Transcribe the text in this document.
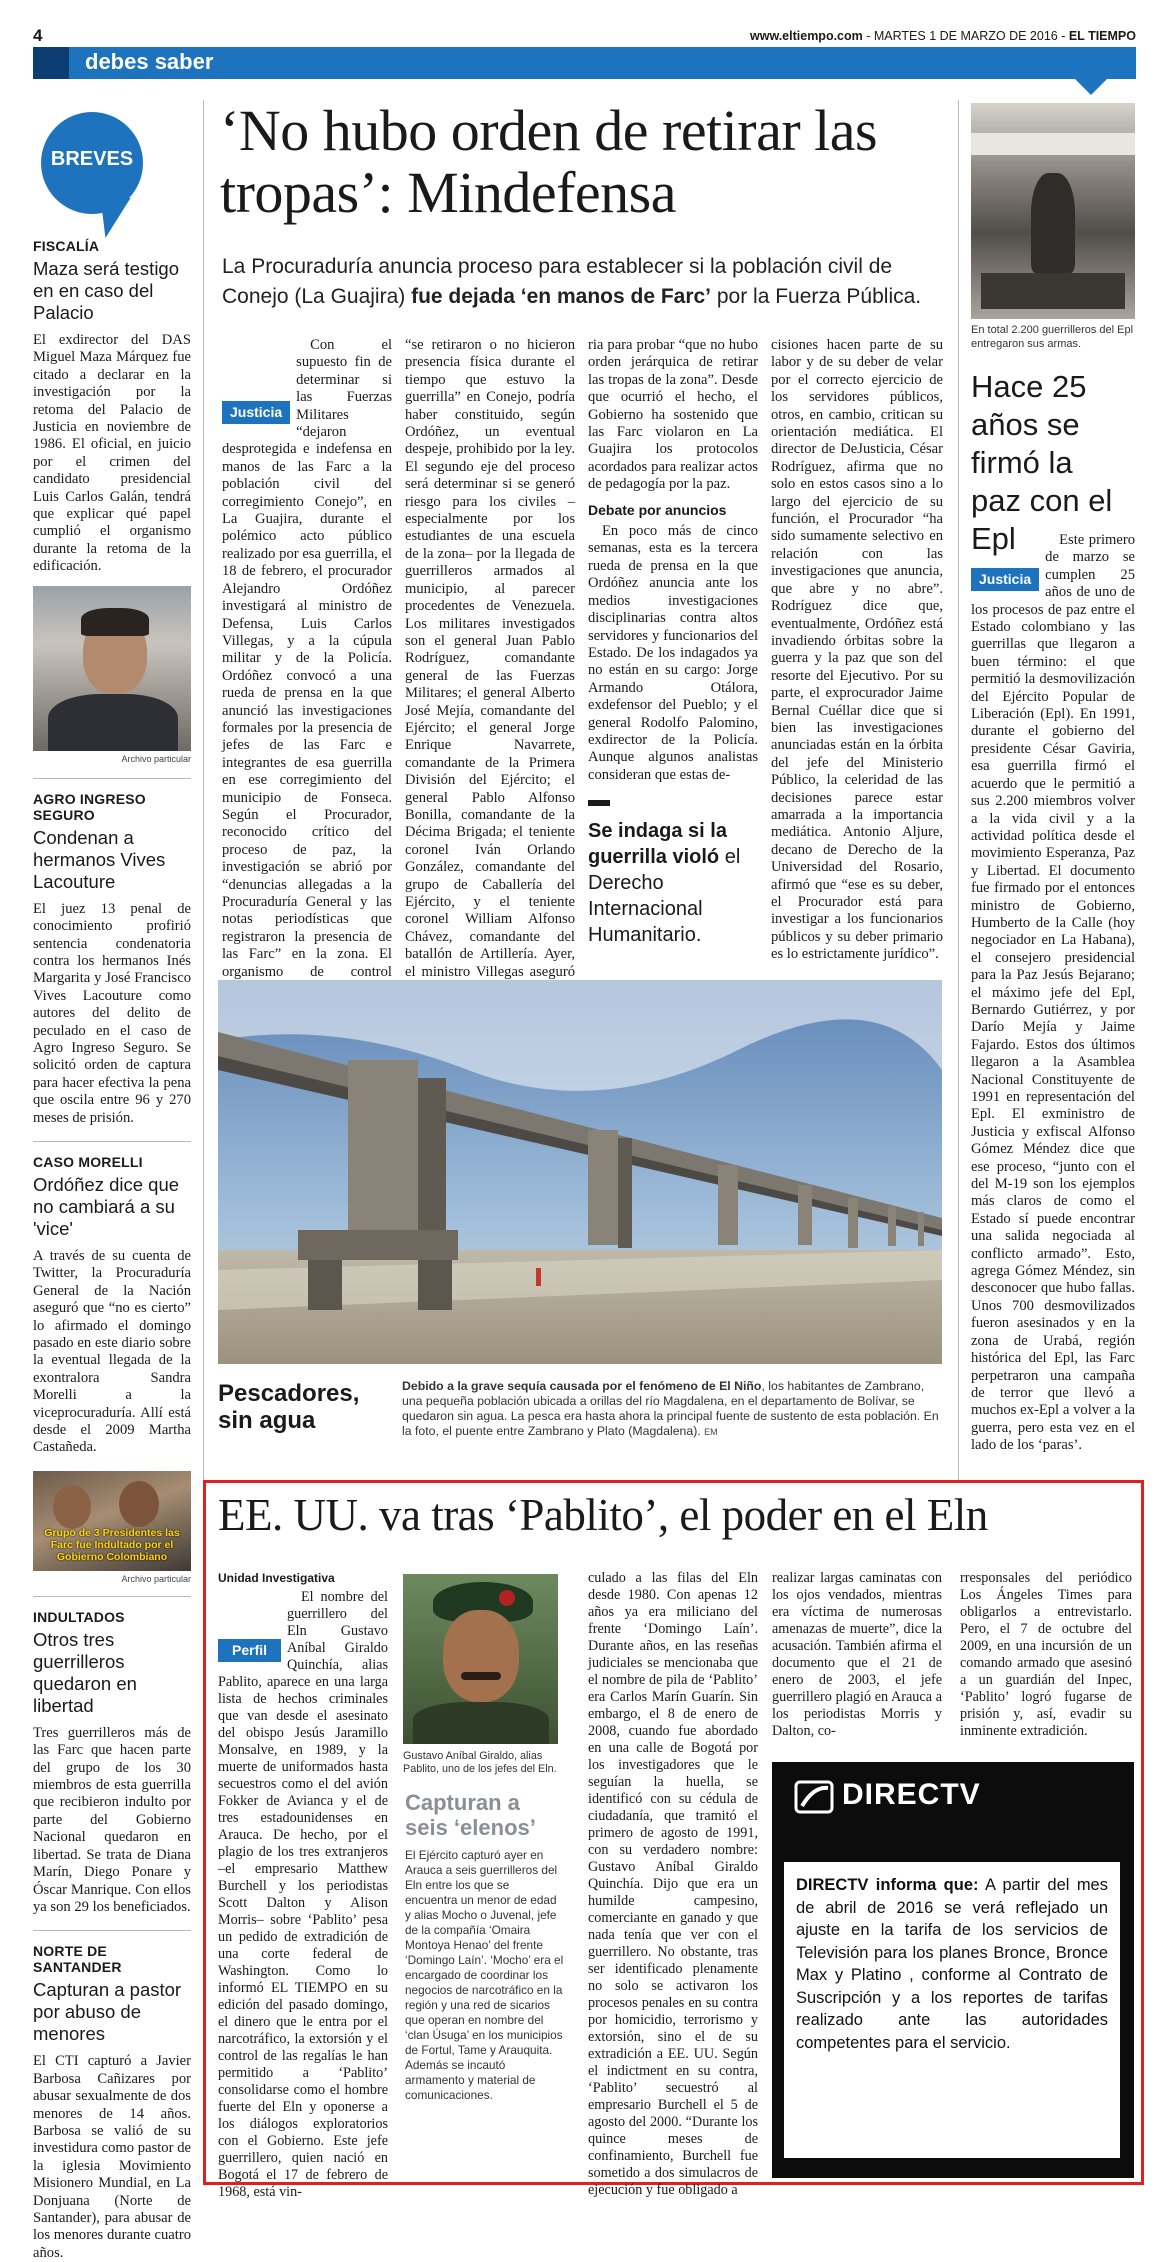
4	www.eltiempo.com - MARTES 1 DE MARZO DE 2016 - EL TIEMPO
debes saber
BREVES
FISCALÍA
Maza será testigo en en caso del Palacio

El exdirector del DAS Miguel Maza Márquez fue citado a declarar en la investigación por la retoma del Palacio de Justicia en noviembre de 1986. El oficial, en juicio por el crimen del candidato presidencial Luis Carlos Galán, tendrá que explicar qué papel cumplió el organismo durante la retoma de la edificación.

Archivo particular
AGRO INGRESO SEGURO
Condenan a hermanos Vives Lacouture

El juez 13 penal de conocimiento profirió sentencia condenatoria contra los hermanos Inés Margarita y José Francisco Vives Lacouture como autores del delito de peculado en el caso de Agro Ingreso Seguro. Se solicitó orden de captura para hacer efectiva la pena que oscila entre 96 y 270 meses de prisión.

CASO MORELLI
Ordóñez dice que no cambiará a su 'vice'

A través de su cuenta de Twitter, la Procuraduría General de la Nación aseguró que “no es cierto” lo afirmado el domingo pasado en este diario sobre la eventual llegada de la exontralora Sandra Morelli a la viceprocuraduría. Allí está desde el 2009 Martha Castañeda.

Grupo de 3 Presidentes las Farc fue Indultado por el Gobierno Colombiano
Archivo particular
INDULTADOS
Otros tres guerrilleros quedaron en libertad

Tres guerrilleros más de las Farc que hacen parte del grupo de los 30 miembros de esta guerrilla que recibieron indulto por parte del Gobierno Nacional quedaron en libertad. Se trata de Diana Marín, Diego Ponare y Óscar Manrique. Con ellos ya son 29 los beneficiados.

NORTE DE SANTANDER
Capturan a pastor por abuso de menores

El CTI capturó a Javier Barbosa Cañizares por abusar sexualmente de dos menores de 14 años. Barbosa se valió de su investidura como pastor de la iglesia Movimiento Misionero Mundial, en La Donjuana (Norte de Santander), para abusar de los menores durante cuatro años.

‘No hubo orden de retirar las tropas’: Mindefensa
La Procuraduría anuncia proceso para establecer si la población civil de Conejo (La Guajira) fue dejada ‘en manos de Farc’ por la Fuerza Pública.
Justicia

Con el supuesto fin de determinar si las Fuerzas Militares “dejaron desprotegida e indefensa en manos de las Farc a la población civil del corregimiento Conejo”, en La Guajira, durante el polémico acto público realizado por esa guerrilla, el 18 de febrero, el procurador Alejandro Ordóñez investigará al ministro de Defensa, Luis Carlos Villegas, y a la cúpula militar y de la Policía. Ordóñez convocó a una rueda de prensa en la que anunció las investigaciones formales por la presencia de jefes de las Farc e integrantes de esa guerrilla en ese corregimiento del municipio de Fonseca. Según el Procurador, reconocido crítico del proceso de paz, la investigación se abrió por “denuncias allegadas a la Procuraduría General y las notas periodísticas que registraron la presencia de las Farc” en la zona. El organismo de control

“se retiraron o no hicieron presencia física durante el tiempo que estuvo la guerrilla” en Conejo, podría haber constituido, según Ordóñez, un eventual despeje, prohibido por la ley. El segundo eje del proceso será determinar si se generó riesgo para los civiles –especialmente por los estudiantes de una escuela de la zona– por la llegada de guerrilleros armados al municipio, al parecer procedentes de Venezuela. Los militares investigados son el general Juan Pablo Rodríguez, comandante general de las Fuerzas Militares; el general Alberto José Mejía, comandante del Ejército; el general Jorge Enrique Navarrete, comandante de la Primera División del Ejército; el general Pablo Alfonso Bonilla, comandante de la Décima Brigada; el teniente coronel Iván Orlando González, comandante del grupo de Caballería del Ejército, y el teniente coronel William Alfonso Chávez, comandante del batallón de Artillería. Ayer, el ministro Villegas aseguró

ria para probar “que no hubo orden jerárquica de retirar las tropas de la zona”. Desde que ocurrió el hecho, el Gobierno ha sostenido que las Farc violaron en La Guajira los protocolos acordados para realizar actos de pedagogía por la paz.

Debate por anuncios

En poco más de cinco semanas, esta es la tercera rueda de prensa en la que Ordóñez anuncia ante los medios investigaciones disciplinarias contra altos servidores y funcionarios del Estado. De los indagados ya no están en su cargo: Jorge Armando Otálora, exdefensor del Pueblo; y el general Rodolfo Palomino, exdirector de la Policía. Aunque algunos analistas consideran que estas de-

Se indaga si la guerrilla violó el Derecho Internacional Humanitario.

cisiones hacen parte de su labor y de su deber de velar por el correcto ejercicio de los servidores públicos, otros, en cambio, critican su orientación mediática. El director de DeJusticia, César Rodríguez, afirma que no solo en estos casos sino a lo largo del ejercicio de su función, el Procurador “ha sido sumamente selectivo en relación con las investigaciones que anuncia, que abre y no abre”. Rodríguez dice que, eventualmente, Ordóñez está invadiendo órbitas sobre la guerra y la paz que son del resorte del Ejecutivo. Por su parte, el exprocurador Jaime Bernal Cuéllar dice que si bien las investigaciones anunciadas están en la órbita del jefe del Ministerio Público, la celeridad de las decisiones parece estar amarrada a la importancia mediática. Antonio Aljure, decano de Derecho de la Universidad del Rosario, afirmó que “ese es su deber, el Procurador está para investigar a los funcionarios públicos y su deber primario es lo estrictamente jurídico”.

En total 2.200 guerrilleros del Epl entregaron sus armas.
Hace 25 años se firmó la paz con el Epl
Justicia

Este primero de marzo se cumplen 25 años de uno de los procesos de paz entre el Estado colombiano y las guerrillas que llegaron a buen término: el que permitió la desmovilización del Ejército Popular de Liberación (Epl). En 1991, durante el gobierno del presidente César Gaviria, esa guerrilla firmó el acuerdo que le permitió a sus 2.200 miembros volver a la vida civil y a la actividad política desde el movimiento Esperanza, Paz y Libertad. El documento fue firmado por el entonces ministro de Gobierno, Humberto de la Calle (hoy negociador en La Habana), el consejero presidencial para la Paz Jesús Bejarano; el máximo jefe del Epl, Bernardo Gutiérrez, y por Darío Mejía y Jaime Fajardo. Estos dos últimos llegaron a la Asamblea Nacional Constituyente de 1991 en representación del Epl. El exministro de Justicia y exfiscal Alfonso Gómez Méndez dice que ese proceso, “junto con el del M-19 son los ejemplos más claros de como el Estado sí puede encontrar una salida negociada al conflicto armado”. Esto, agrega Gómez Méndez, sin desconocer que hubo fallas. Unos 700 desmovilizados fueron asesinados y en la zona de Urabá, región histórica del Epl, las Farc perpetraron una campaña de terror que llevó a muchos ex-Epl a volver a la guerra, pero esta vez en el lado de los ‘paras’.

Pescadores, sin agua
Debido a la grave sequía causada por el fenómeno de El Niño, los habitantes de Zambrano, una pequeña población ubicada a orillas del río Magdalena, en el departamento de Bolívar, se quedaron sin agua. La pesca era hasta ahora la principal fuente de sustento de esta población. En la foto, el puente entre Zambrano y Plato (Magdalena). EM
EE. UU. va tras ‘Pablito’, el poder en el Eln
Unidad Investigativa
Perfil

El nombre del guerrillero del Eln Gustavo Aníbal Giraldo Quinchía, alias Pablito, aparece en una larga lista de hechos criminales que van desde el asesinato del obispo Jesús Jaramillo Monsalve, en 1989, y la muerte de uniformados hasta secuestros como el del avión Fokker de Avianca y el de tres estadounidenses en Arauca. De hecho, por el plagio de los tres extranjeros –el empresario Matthew Burchell y los periodistas Scott Dalton y Alison Morris– sobre ‘Pablito’ pesa un pedido de extradición de una corte federal de Washington. Como lo informó EL TIEMPO en su edición del pasado domingo, el dinero que le entra por el narcotráfico, la extorsión y el control de las regalías le han permitido a ‘Pablito’ consolidarse como el hombre fuerte del Eln y oponerse a los diálogos exploratorios con el Gobierno. Este jefe guerrillero, quien nació en Bogotá el 17 de febrero de 1968, está vin-

Gustavo Aníbal Giraldo, alias Pablito, uno de los jefes del Eln.
Capturan a seis ‘elenos’
El Ejército capturó ayer en Arauca a seis guerrilleros del Eln entre los que se encuentra un menor de edad y alias Mocho o Juvenal, jefe de la compañía ‘Omaira Montoya Henao’ del frente ‘Domingo Laín’. ‘Mocho’ era el encargado de coordinar los negocios de narcotráfico en la región y una red de sicarios que operan en nombre del ‘clan Úsuga’ en los municipios de Fortul, Tame y Arauquita. Además se incautó armamento y material de comunicaciones.

culado a las filas del Eln desde 1980. Con apenas 12 años ya era miliciano del frente ‘Domingo Laín’. Durante años, en las reseñas judiciales se mencionaba que el nombre de pila de ‘Pablito’ era Carlos Marín Guarín. Sin embargo, el 8 de enero de 2008, cuando fue abordado en una calle de Bogotá por los investigadores que le seguían la huella, se identificó con su cédula de ciudadanía, que tramitó el primero de agosto de 1991, con su verdadero nombre: Gustavo Aníbal Giraldo Quinchía. Dijo que era un humilde campesino, comerciante en ganado y que nada tenía que ver con el guerrillero. No obstante, tras ser identificado plenamente no solo se activaron los procesos penales en su contra por homicidio, terrorismo y extorsión, sino el de su extradición a EE. UU. Según el indictment en su contra, ‘Pablito’ secuestró al empresario Burchell el 5 de agosto del 2000. “Durante los quince meses de confinamiento, Burchell fue sometido a dos simulacros de ejecución y fue obligado a

realizar largas caminatas con los ojos vendados, mientras era víctima de numerosas amenazas de muerte”, dice la acusación. También afirma el documento que el 21 de enero de 2003, el jefe guerrillero plagió en Arauca a los periodistas Morris y Dalton, co-

rresponsales del periódico Los Ángeles Times para obligarlos a entrevistarlo. Pero, el 7 de octubre del 2009, en una incursión de un comando armado que asesinó a un guardián del Inpec, ‘Pablito’ logró fugarse de prisión y, así, evadir su inminente extradición.

DIRECTV
DIRECTV informa que: A partir del mes de abril de 2016 se verá reflejado un ajuste en la tarifa de los servicios de Televisión para los planes Bronce, Bronce Max y Platino , conforme al Contrato de Suscripción y a los reportes de tarifas realizado ante las autoridades competentes para el servicio.
